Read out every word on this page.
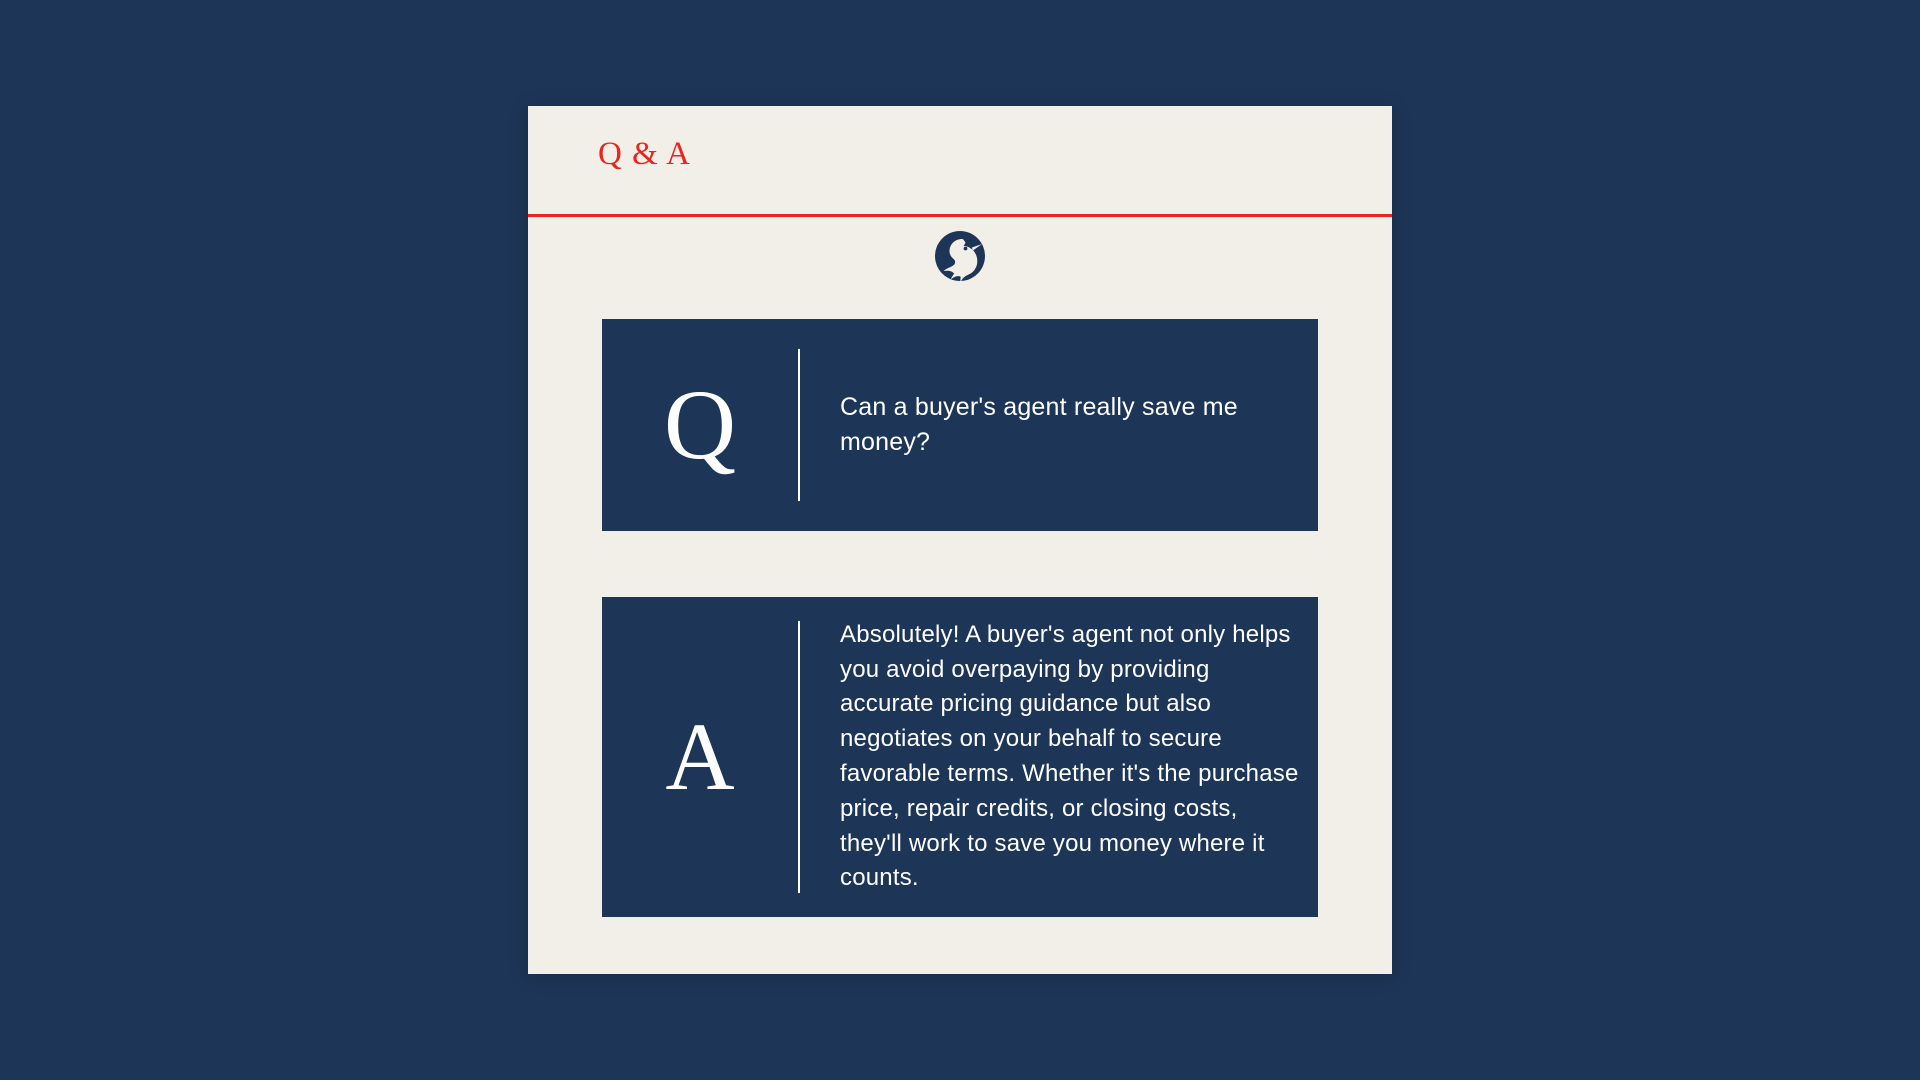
Q & A
Q	Can a buyer's agent really save me money?
A
Absolutely! A buyer's agent not only helps you avoid overpaying by providing accurate pricing guidance but also negotiates on your behalf to secure favorable terms. Whether it's the purchase price, repair credits, or closing costs, they'll work to save you money where it counts.
